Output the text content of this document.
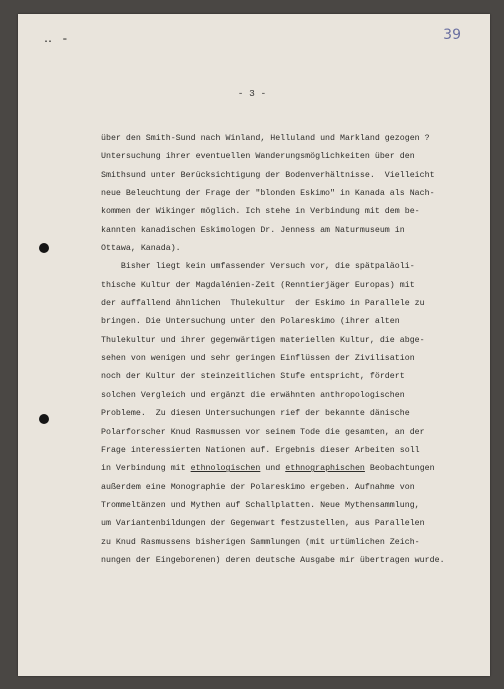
‥ -	39
- 3 -
über den Smith-Sund nach Winland, Helluland und Markland gezogen ?
Untersuchung ihrer eventuellen Wanderungsmöglichkeiten über den
Smithsund unter Berücksichtigung der Bodenverhältnisse.  Vielleicht
neue Beleuchtung der Frage der "blonden Eskimo" in Kanada als Nach-
kommen der Wikinger möglich. Ich stehe in Verbindung mit dem be-
kannten kanadischen Eskimologen Dr. Jenness am Naturmuseum in
Ottawa, Kanada).
Bisher liegt kein umfassender Versuch vor, die spätpaläoli-
thische Kultur der Magdalénien-Zeit (Renntierjäger Europas) mit
der auffallend ähnlichen  Thulekultur  der Eskimo in Parallele zu
bringen. Die Untersuchung unter den Polareskimo (ihrer alten
Thulekultur und ihrer gegenwärtigen materiellen Kultur, die abge-
sehen von wenigen und sehr geringen Einflüssen der Zivilisation
noch der Kultur der steinzeitlichen Stufe entspricht, fördert
solchen Vergleich und ergänzt die erwähnten anthropologischen
Probleme.  Zu diesen Untersuchungen rief der bekannte dänische
Polarforscher Knud Rasmussen vor seinem Tode die gesamten, an der
Frage interessierten Nationen auf. Ergebnis dieser Arbeiten soll
in Verbindung mit ethnologischen und ethnographischen Beobachtungen
außerdem eine Monographie der Polareskimo ergeben. Aufnahme von
Trommeltänzen und Mythen auf Schallplatten. Neue Mythensammlung,
um Variantenbildungen der Gegenwart festzustellen, aus Parallelen
zu Knud Rasmussens bisherigen Sammlungen (mit urtümlichen Zeich-
nungen der Eingeborenen) deren deutsche Ausgabe mir übertragen wurde.
